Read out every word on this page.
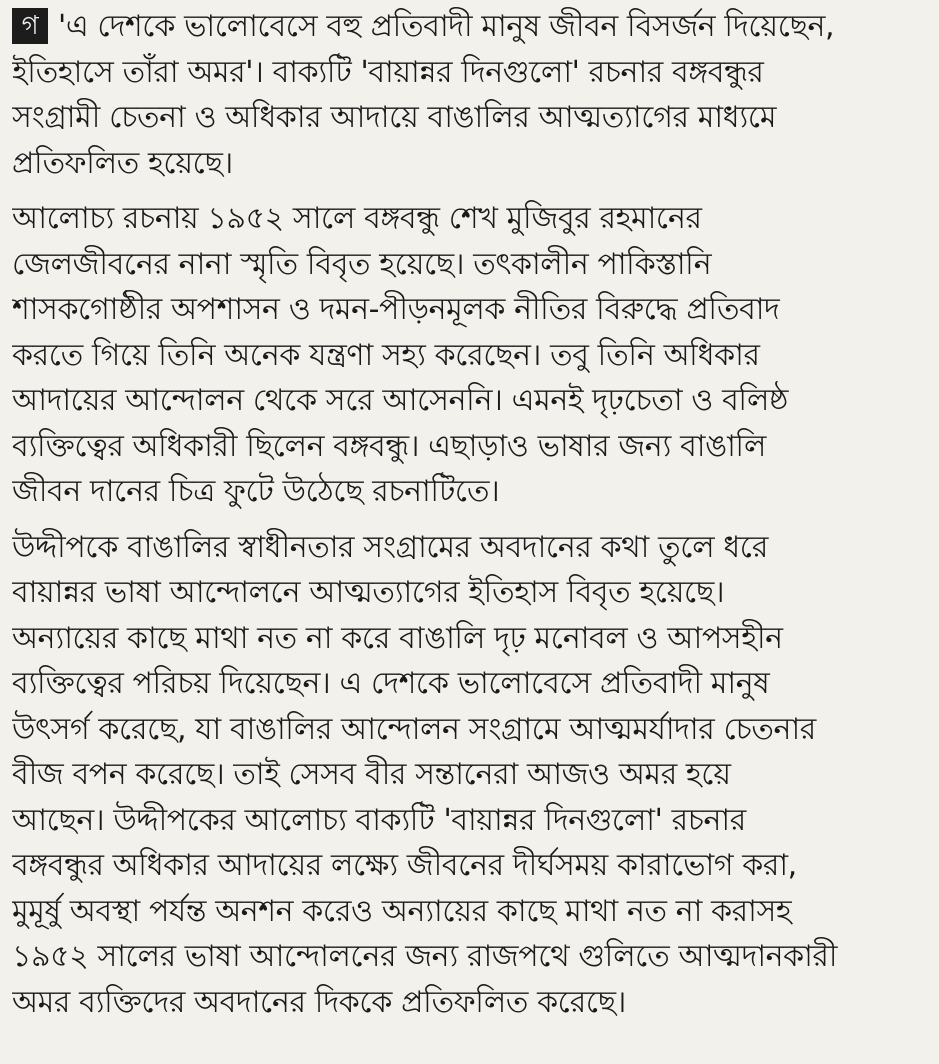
গ 'এ দেশকে ভালোবেসে বহু প্রতিবাদী মানুষ জীবন বিসর্জন দিয়েছেন,
ইতিহাসে তাঁরা অমর'। বাক্যটি 'বায়ান্নর দিনগুলো' রচনার বঙ্গবন্ধুর
সংগ্রামী চেতনা ও অধিকার আদায়ে বাঙালির আত্মত্যাগের মাধ্যমে
প্রতিফলিত হয়েছে।
আলোচ্য রচনায় ১৯৫২ সালে বঙ্গবন্ধু শেখ মুজিবুর রহমানের
জেলজীবনের নানা স্মৃতি বিবৃত হয়েছে। তৎকালীন পাকিস্তানি
শাসকগোষ্ঠীর অপশাসন ও দমন-পীড়নমূলক নীতির বিরুদ্ধে প্রতিবাদ
করতে গিয়ে তিনি অনেক যন্ত্রণা সহ্য করেছেন। তবু তিনি অধিকার
আদায়ের আন্দোলন থেকে সরে আসেননি। এমনই দৃঢ়চেতা ও বলিষ্ঠ
ব্যক্তিত্বের অধিকারী ছিলেন বঙ্গবন্ধু। এছাড়াও ভাষার জন্য বাঙালি
জীবন দানের চিত্র ফুটে উঠেছে রচনাটিতে।
উদ্দীপকে বাঙালির স্বাধীনতার সংগ্রামের অবদানের কথা তুলে ধরে
বায়ান্নর ভাষা আন্দোলনে আত্মত্যাগের ইতিহাস বিবৃত হয়েছে।
অন্যায়ের কাছে মাথা নত না করে বাঙালি দৃঢ় মনোবল ও আপসহীন
ব্যক্তিত্বের পরিচয় দিয়েছেন। এ দেশকে ভালোবেসে প্রতিবাদী মানুষ
উৎসর্গ করেছে, যা বাঙালির আন্দোলন সংগ্রামে আত্মমর্যাদার চেতনার
বীজ বপন করেছে। তাই সেসব বীর সন্তানেরা আজও অমর হয়ে
আছেন। উদ্দীপকের আলোচ্য বাক্যটি 'বায়ান্নর দিনগুলো' রচনার
বঙ্গবন্ধুর অধিকার আদায়ের লক্ষ্যে জীবনের দীর্ঘসময় কারাভোগ করা,
মুমূর্ষু অবস্থা পর্যন্ত অনশন করেও অন্যায়ের কাছে মাথা নত না করাসহ
১৯৫২ সালের ভাষা আন্দোলনের জন্য রাজপথে গুলিতে আত্মদানকারী
অমর ব্যক্তিদের অবদানের দিককে প্রতিফলিত করেছে।
